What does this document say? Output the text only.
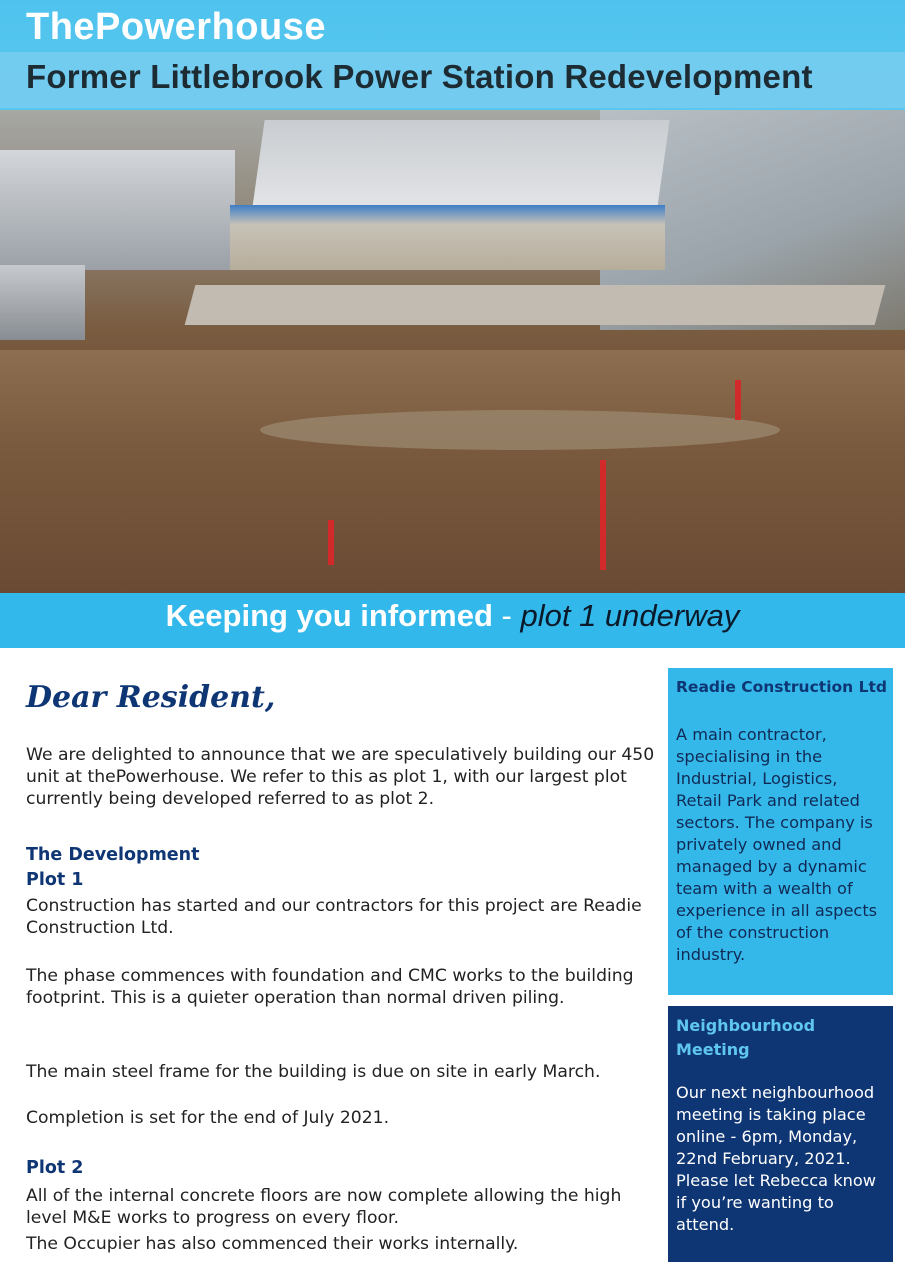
ThePowerhouse
Former Littlebrook Power Station Redevelopment
Keeping you informed - plot 1 underway
Dear Resident,
We are delighted to announce that we are speculatively building our 450 unit at thePowerhouse. We refer to this as plot 1, with our largest plot currently being developed referred to as plot 2.
The Development
Plot 1
Construction has started and our contractors for this project are Readie Construction Ltd.
The phase commences with foundation and CMC works to the building footprint. This is a quieter operation than normal driven piling.
The main steel frame for the building is due on site in early March.
Completion is set for the end of July 2021.
Plot 2
All of the internal concrete floors are now complete allowing the high level M&E works to progress on every floor.
The Occupier has also commenced their works internally.
Readie Construction Ltd
A main contractor, specialising in the Industrial, Logistics, Retail Park and related sectors. The company is privately owned and managed by a dynamic team with a wealth of experience in all aspects of the construction industry.
Neighbourhood Meeting
Our next neighbourhood meeting is taking place online - 6pm, Monday, 22nd February, 2021. Please let Rebecca know if you’re wanting to attend.
